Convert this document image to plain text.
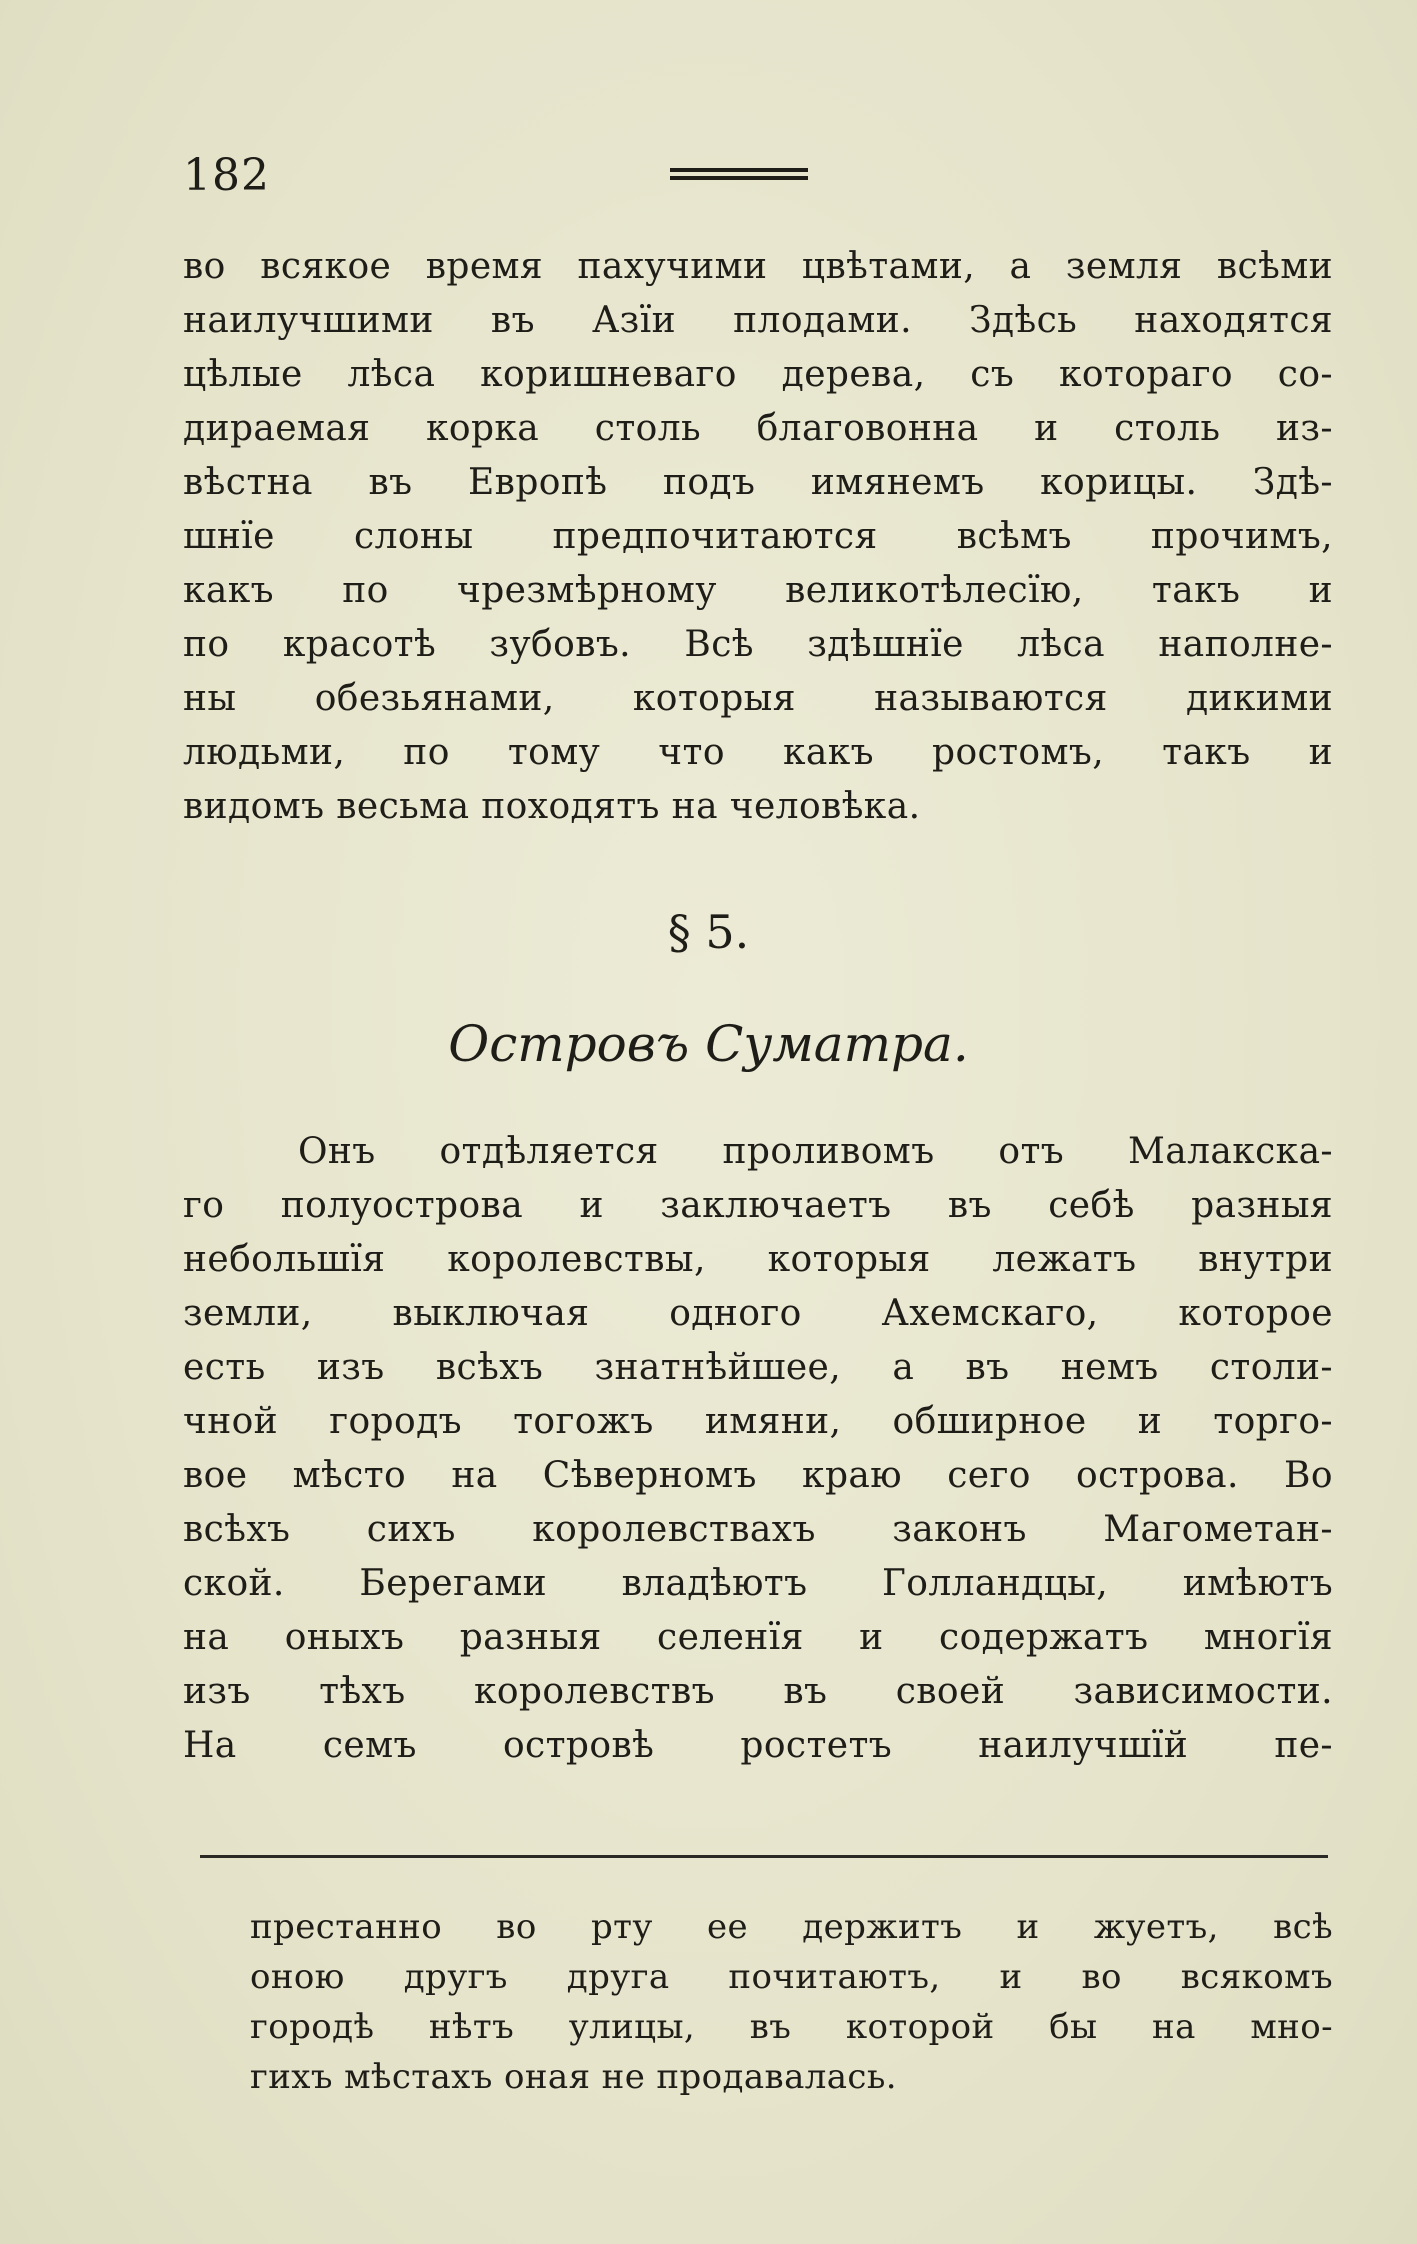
182
во всякое время пахучими цвѣтами, а земля всѣми
наилучшими въ Азїи плодами. Здѣсь находятся
цѣлые лѣса коришневаго дерева, съ котораго со-
дираемая корка столь благовонна и столь из-
вѣстна въ Европѣ подъ имянемъ корицы. Здѣ-
шнїе слоны предпочитаются всѣмъ прочимъ,
какъ по чрезмѣрному великотѣлесїю, такъ и
по красотѣ зубовъ. Всѣ здѣшнїе лѣса наполне-
ны обезьянами, которыя называются дикими
людьми, по тому что какъ ростомъ, такъ и
видомъ весьма походятъ на человѣка.
§ 5.
Островъ Суматра.
Онъ отдѣляется проливомъ отъ Малакска-
го полуострова и заключаетъ въ себѣ разныя
небольшїя королевствы, которыя лежатъ внутри
земли, выключая одного Ахемскаго, которое
есть изъ всѣхъ знатнѣйшее, а въ немъ столи-
чной городъ тогожъ имяни, обширное и торго-
вое мѣсто на Сѣверномъ краю сего острова. Во
всѣхъ сихъ королевствахъ законъ Магометан-
ской. Берегами владѣютъ Голландцы, имѣютъ
на оныхъ разныя селенїя и содержатъ многїя
изъ тѣхъ королевствъ въ своей зависимости.
На семъ островѣ ростетъ наилучшїй пе-
престанно во рту ее держитъ и жуетъ, всѣ
оною другъ друга почитаютъ, и во всякомъ
городѣ нѣтъ улицы, въ которой бы на мно-
гихъ мѣстахъ оная не продавалась.
